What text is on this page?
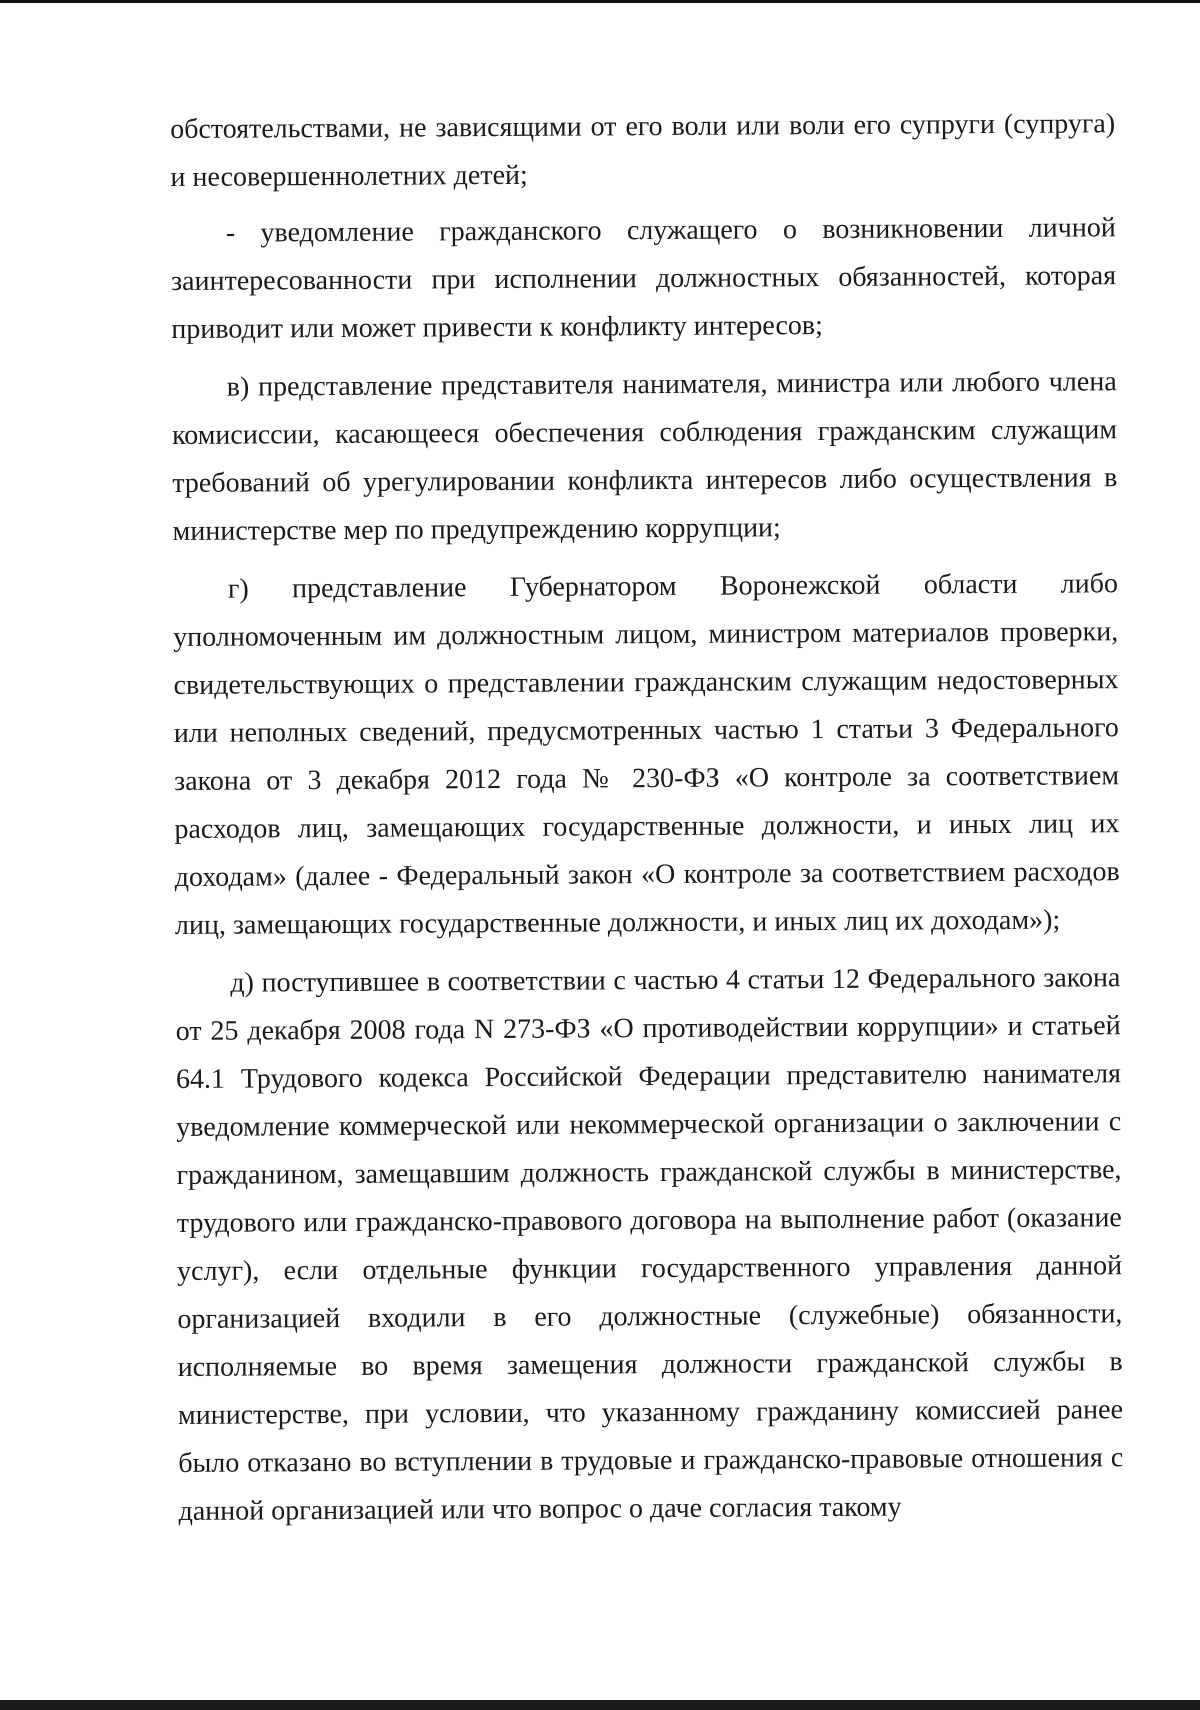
обстоятельствами, не зависящими от его воли или воли его супруги (супруга) и несовершеннолетних детей;

- уведомление гражданского служащего о возникновении личной заинтересованности при исполнении должностных обязанностей, которая приводит или может привести к конфликту интересов;

в) представление представителя нанимателя, министра или любого члена комисиссии, касающееся обеспечения соблюдения гражданским служащим требований об урегулировании конфликта интересов либо осуществления в министерстве мер по предупреждению коррупции;

г) представление Губернатором Воронежской области либо уполномоченным им должностным лицом, министром материалов проверки, свидетельствующих о представлении гражданским служащим недостоверных или неполных сведений, предусмотренных частью 1 статьи 3 Федерального закона от 3 декабря 2012 года № 230-ФЗ «О контроле за соответствием расходов лиц, замещающих государственные должности, и иных лиц их доходам» (далее - Федеральный закон «О контроле за соответствием расходов лиц, замещающих государственные должности, и иных лиц их доходам»);

д) поступившее в соответствии с частью 4 статьи 12 Федерального закона от 25 декабря 2008 года N 273-ФЗ «О противодействии коррупции» и статьей 64.1 Трудового кодекса Российской Федерации представителю нанимателя уведомление коммерческой или некоммерческой организации о заключении с гражданином, замещавшим должность гражданской службы в министерстве, трудового или гражданско-правового договора на выполнение работ (оказание услуг), если отдельные функции государственного управления данной организацией входили в его должностные (служебные) обязанности, исполняемые во время замещения должности гражданской службы в министерстве, при условии, что указанному гражданину комиссией ранее было отказано во вступлении в трудовые и гражданско-правовые отношения с данной организацией или что вопрос о даче согласия такому
